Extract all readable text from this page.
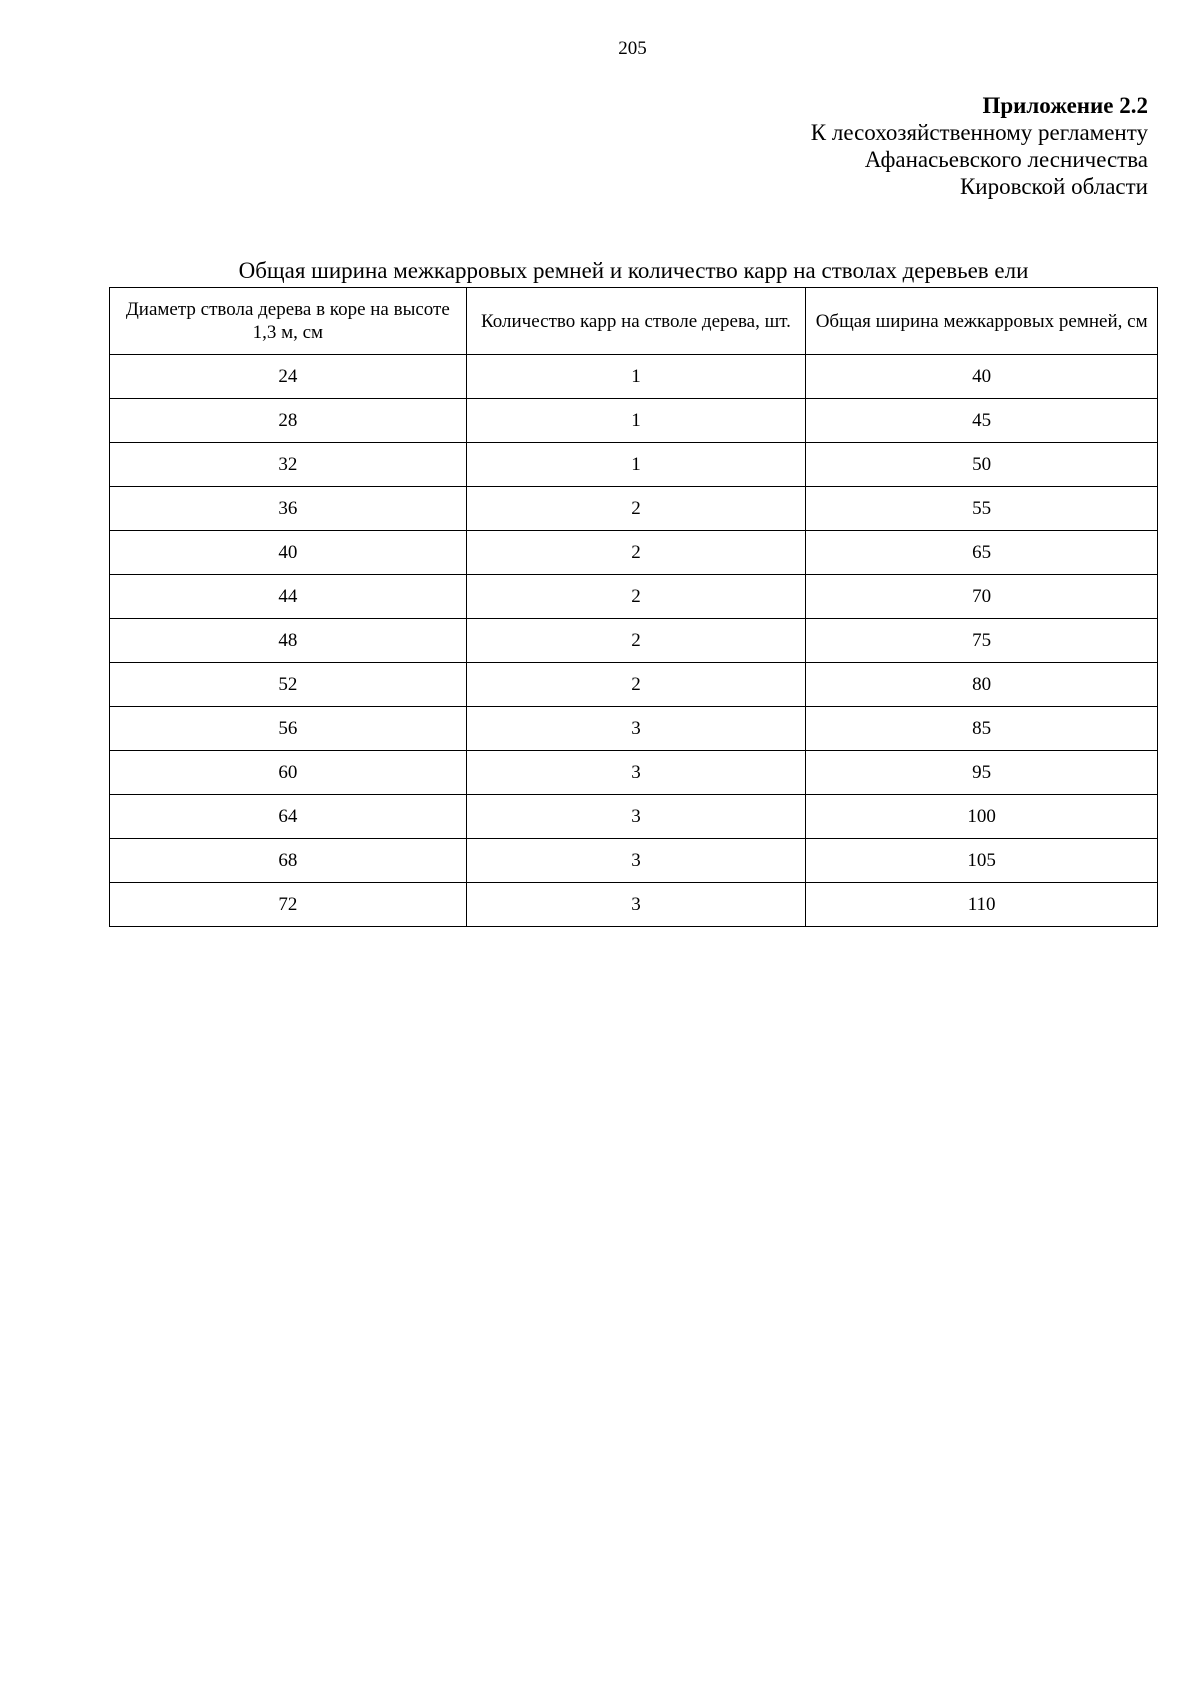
205
Приложение 2.2
К лесохозяйственному регламенту
Афанасьевского лесничества
Кировской области
Общая ширина межкарровых ремней и количество карр на стволах деревьев ели
Диаметр ствола дерева в коре на высоте 1,3 м, см	Количество карр на стволе дерева, шт.	Общая ширина межкарровых ремней, см
24	1	40
28	1	45
32	1	50
36	2	55
40	2	65
44	2	70
48	2	75
52	2	80
56	3	85
60	3	95
64	3	100
68	3	105
72	3	110
